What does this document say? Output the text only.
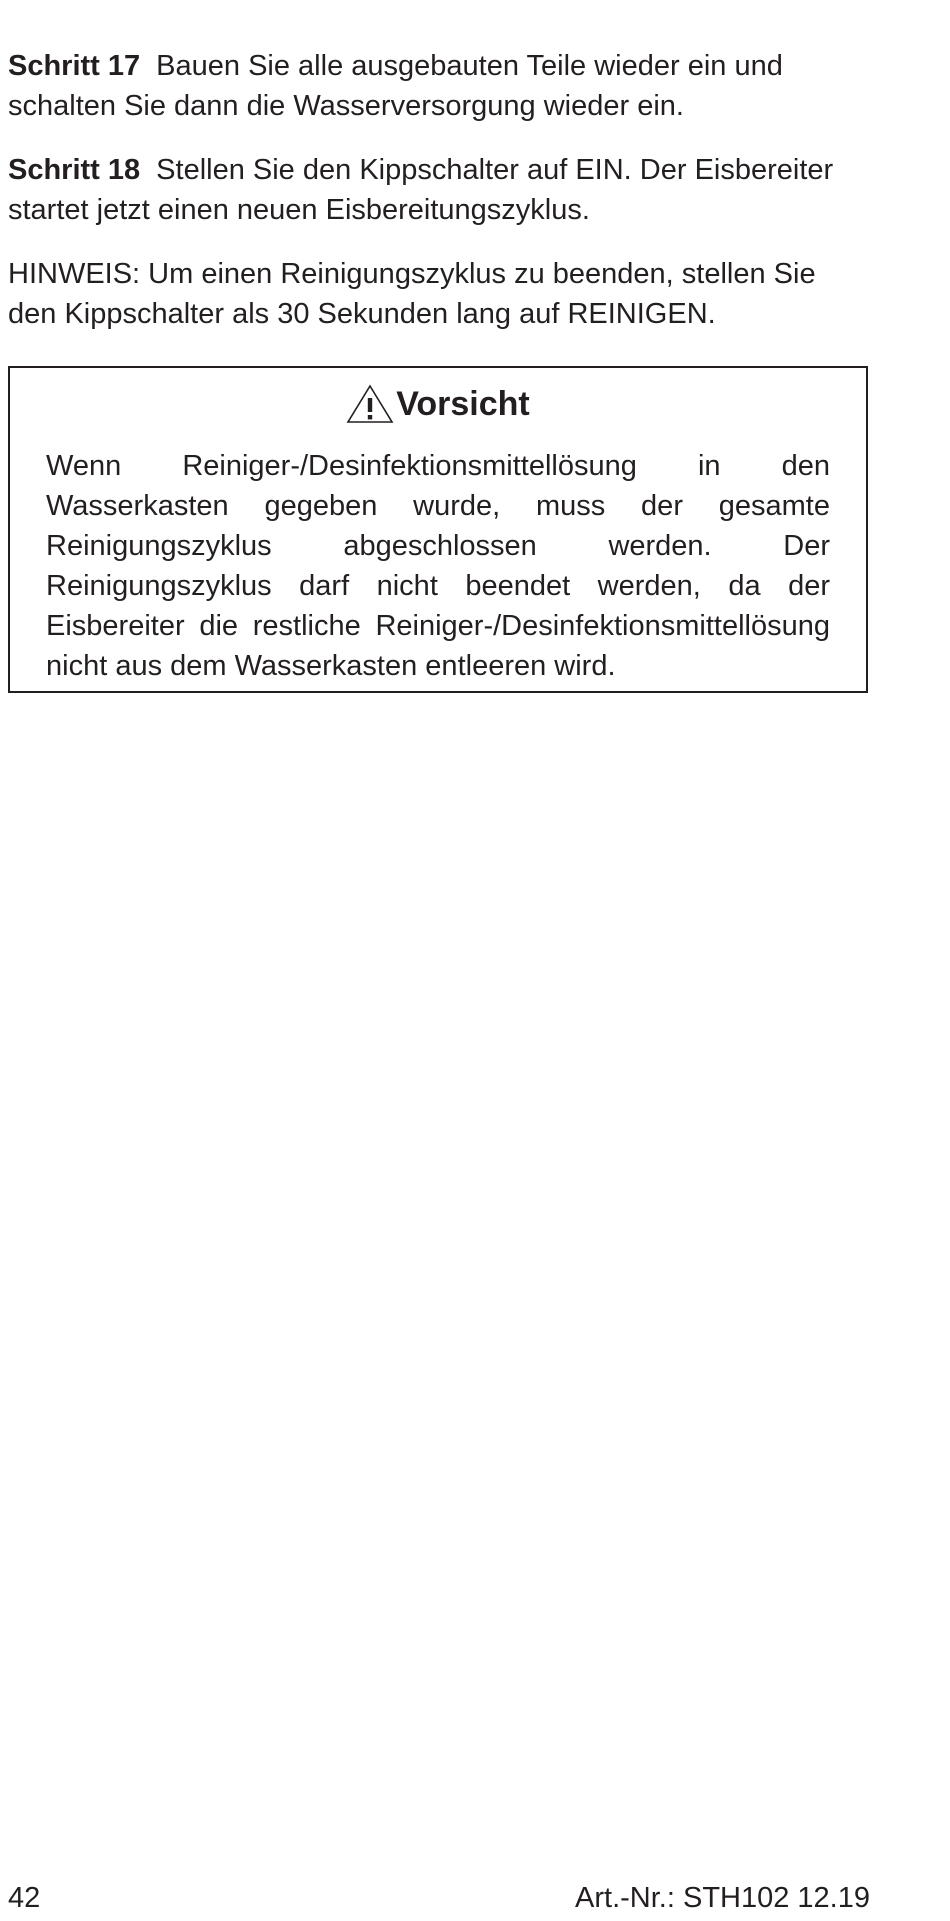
Schritt 17 Bauen Sie alle ausgebauten Teile wieder ein und schalten Sie dann die Wasserversorgung wieder ein.

Schritt 18 Stellen Sie den Kippschalter auf EIN. Der Eisbereiter startet jetzt einen neuen Eisbereitungszyklus.

HINWEIS: Um einen Reinigungszyklus zu beenden, stellen Sie den Kippschalter als 30 Sekunden lang auf REINIGEN.

Vorsicht

Wenn Reiniger-/Desinfektionsmittellösung in den Wasserkasten gegeben wurde, muss der gesamte Reinigungszyklus abgeschlossen werden. Der Reinigungszyklus darf nicht beendet werden, da der Eisbereiter die restliche Reiniger-/Desinfektionsmittellösung nicht aus dem Wasserkasten entleeren wird.

42	Art.-Nr.: STH102 12.19
